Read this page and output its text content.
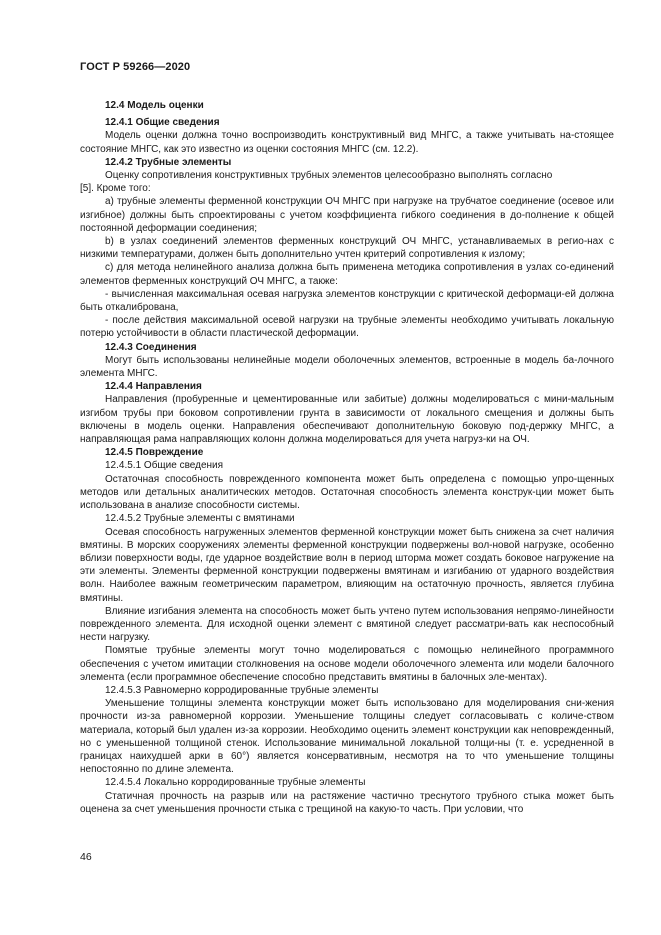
ГОСТ Р 59266—2020

12.4 Модель оценки

12.4.1 Общие сведения

Модель оценки должна точно воспроизводить конструктивный вид МНГС, а также учитывать на-стоящее состояние МНГС, как это известно из оценки состояния МНГС (см. 12.2).

12.4.2 Трубные элементы

Оценку сопротивления конструктивных трубных элементов целесообразно выполнять согласно

[5]. Кроме того:

а) трубные элементы ферменной конструкции ОЧ МНГС при нагрузке на трубчатое соединение (осевое или изгибное) должны быть спроектированы с учетом коэффициента гибкого соединения в до-полнение к общей постоянной деформации соединения;

b) в узлах соединений элементов ферменных конструкций ОЧ МНГС, устанавливаемых в регио-нах с низкими температурами, должен быть дополнительно учтен критерий сопротивления к излому;

с) для метода нелинейного анализа должна быть применена методика сопротивления в узлах со-единений элементов ферменных конструкций ОЧ МНГС, а также:

- вычисленная максимальная осевая нагрузка элементов конструкции с критической деформаци-ей должна быть откалибрована,

- после действия максимальной осевой нагрузки на трубные элементы необходимо учитывать локальную потерю устойчивости в области пластической деформации.

12.4.3 Соединения

Могут быть использованы нелинейные модели оболочечных элементов, встроенные в модель ба-лочного элемента МНГС.

12.4.4 Направления

Направления (пробуренные и цементированные или забитые) должны моделироваться с мини-мальным изгибом трубы при боковом сопротивлении грунта в зависимости от локального смещения и должны быть включены в модель оценки. Направления обеспечивают дополнительную боковую под-держку МНГС, а направляющая рама направляющих колонн должна моделироваться для учета нагруз-ки на ОЧ.

12.4.5 Повреждение

12.4.5.1 Общие сведения

Остаточная способность поврежденного компонента может быть определена с помощью упро-щенных методов или детальных аналитических методов. Остаточная способность элемента конструк-ции может быть использована в анализе способности системы.

12.4.5.2 Трубные элементы с вмятинами

Осевая способность нагруженных элементов ферменной конструкции может быть снижена за счет наличия вмятины. В морских сооружениях элементы ферменной конструкции подвержены вол-новой нагрузке, особенно вблизи поверхности воды, где ударное воздействие волн в период шторма может создать боковое нагружение на эти элементы. Элементы ферменной конструкции подвержены вмятинам и изгибанию от ударного воздействия волн. Наиболее важным геометрическим параметром, влияющим на остаточную прочность, является глубина вмятины.

Влияние изгибания элемента на способность может быть учтено путем использования непрямо-линейности поврежденного элемента. Для исходной оценки элемент с вмятиной следует рассматри-вать как неспособный нести нагрузку.

Помятые трубные элементы могут точно моделироваться с помощью нелинейного программного обеспечения с учетом имитации столкновения на основе модели оболочечного элемента или модели балочного элемента (если программное обеспечение способно представить вмятины в балочных эле-ментах).

12.4.5.3 Равномерно корродированные трубные элементы

Уменьшение толщины элемента конструкции может быть использовано для моделирования сни-жения прочности из-за равномерной коррозии. Уменьшение толщины следует согласовывать с количе-ством материала, который был удален из-за коррозии. Необходимо оценить элемент конструкции как неповрежденный, но с уменьшенной толщиной стенок. Использование минимальной локальной толщи-ны (т. е. усредненной в границах наихудшей арки в 60°) является консервативным, несмотря на то что уменьшение толщины непостоянно по длине элемента.

12.4.5.4 Локально корродированные трубные элементы

Статичная прочность на разрыв или на растяжение частично треснутого трубного стыка может быть оценена за счет уменьшения прочности стыка с трещиной на какую-то часть. При условии, что

46
